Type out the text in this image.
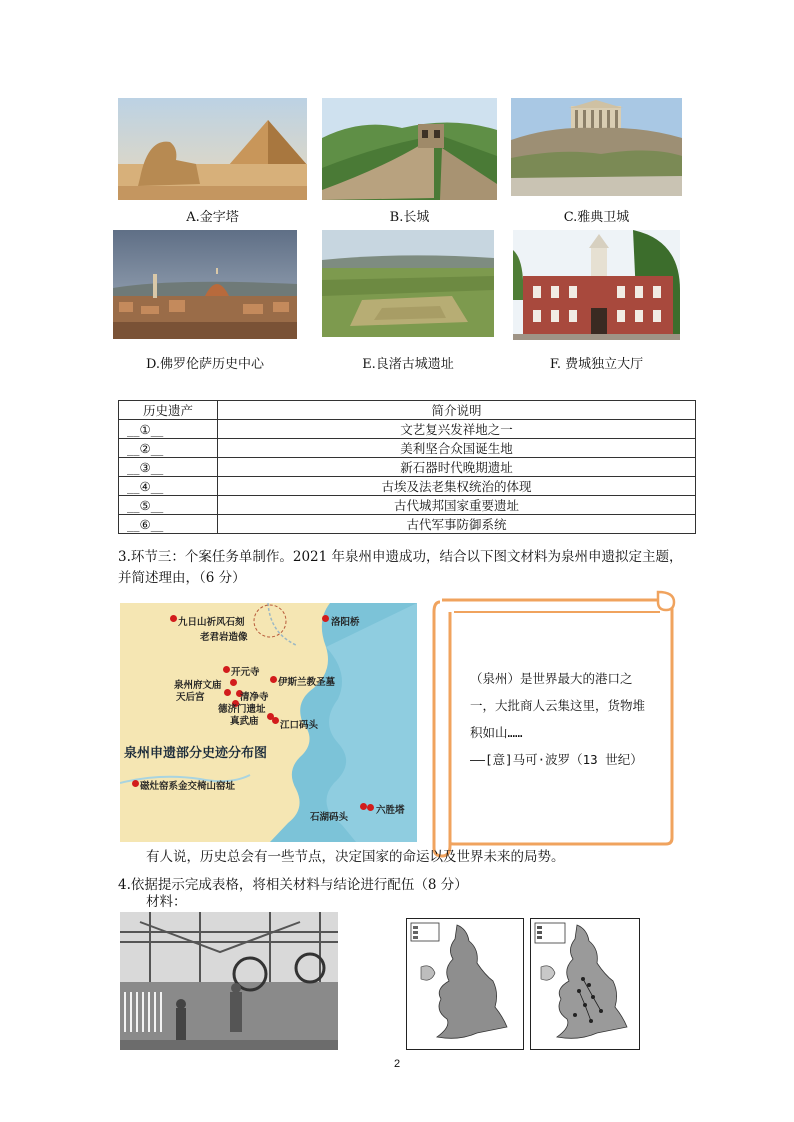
A.金字塔	B.长城	C.雅典卫城
D.佛罗伦萨历史中心	E.良渚古城遗址	F. 费城独立大厅
历史遗产	简介说明
__①__	文艺复兴发祥地之一
__②__	美利坚合众国诞生地
__③__	新石器时代晚期遗址
__④__	古埃及法老集权统治的体现
__⑤__	古代城邦国家重要遗址
__⑥__	古代军事防御系统
3.环节三：个案任务单制作。2021 年泉州申遗成功，结合以下图文材料为泉州申遗拟定主题，
并简述理由，（6 分）
九日山祈风石刻
老君岩造像
洛阳桥
开元寺
泉州府文庙
天后宫	清净寺
伊斯兰教圣墓
德济门遗址
真武庙 江口码头
泉州申遗部分史迹分布图
磁灶窑系金交椅山窑址
石湖码头
六胜塔
（泉州）是世界最大的港口之
一，大批商人云集这里，货物堆
积如山……
——[意]马可·波罗（13 世纪）
有人说，历史总会有一些节点，决定国家的命运以及世界未来的局势。
4.依据提示完成表格，将相关材料与结论进行配伍（8 分）
材料：
2
